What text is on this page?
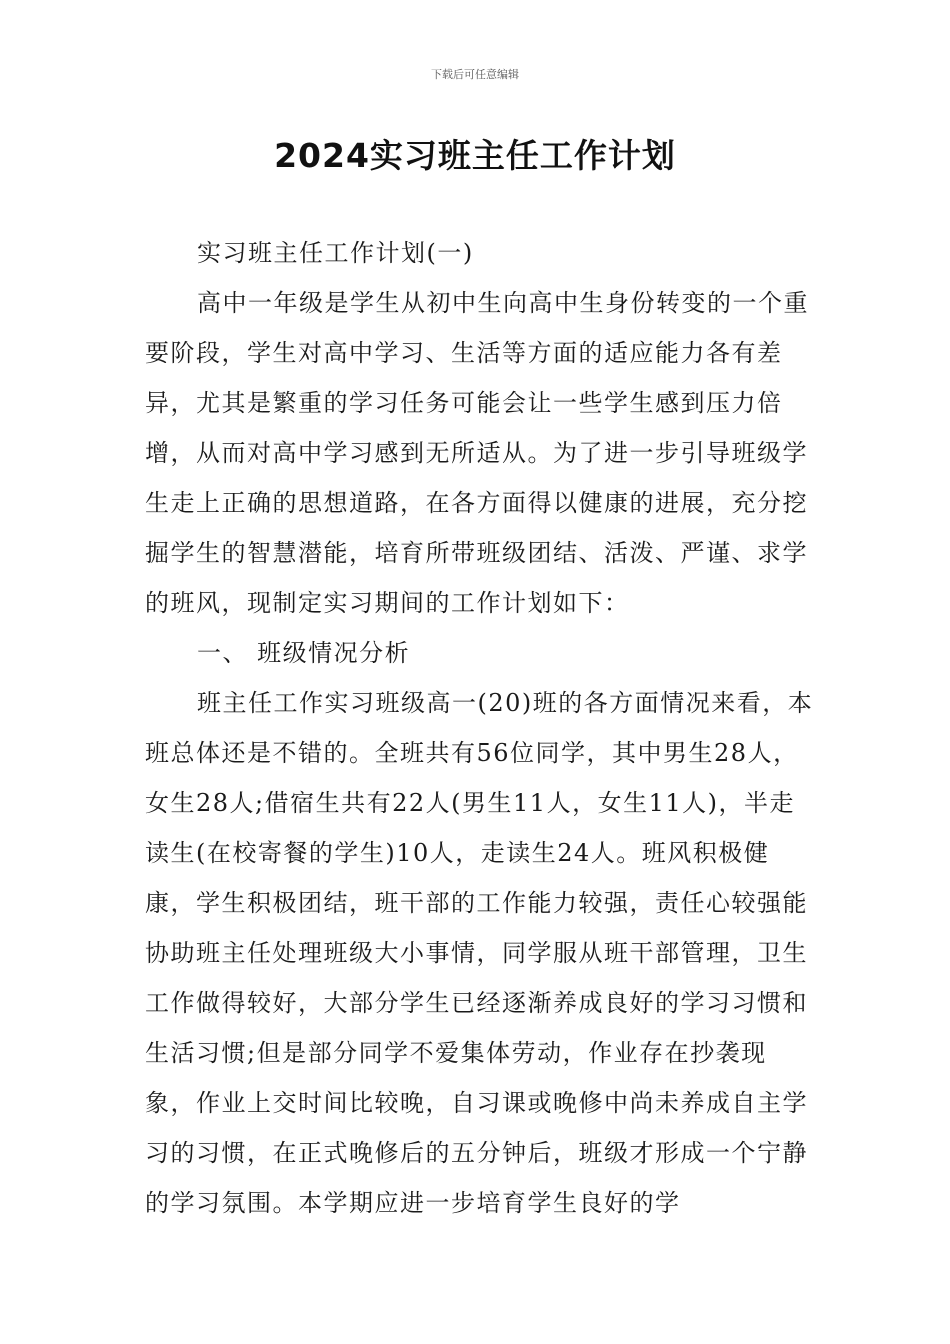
下载后可任意编辑
2024实习班主任工作计划

实习班主任工作计划(一)

高中一年级是学生从初中生向高中生身份转变的一个重要阶段，学生对高中学习、生活等方面的适应能力各有差异，尤其是繁重的学习任务可能会让一些学生感到压力倍增，从而对高中学习感到无所适从。为了进一步引导班级学生走上正确的思想道路，在各方面得以健康的进展，充分挖掘学生的智慧潜能，培育所带班级团结、活泼、严谨、求学的班风，现制定实习期间的工作计划如下：

一、 班级情况分析

班主任工作实习班级高一(20)班的各方面情况来看，本班总体还是不错的。全班共有56位同学，其中男生28人，女生28人;借宿生共有22人(男生11人，女生11人)，半走读生(在校寄餐的学生)10人，走读生24人。班风积极健康，学生积极团结，班干部的工作能力较强，责任心较强能协助班主任处理班级大小事情，同学服从班干部管理，卫生工作做得较好，大部分学生已经逐渐养成良好的学习习惯和生活习惯;但是部分同学不爱集体劳动，作业存在抄袭现象，作业上交时间比较晚，自习课或晚修中尚未养成自主学习的习惯，在正式晚修后的五分钟后，班级才形成一个宁静的学习氛围。本学期应进一步培育学生良好的学
